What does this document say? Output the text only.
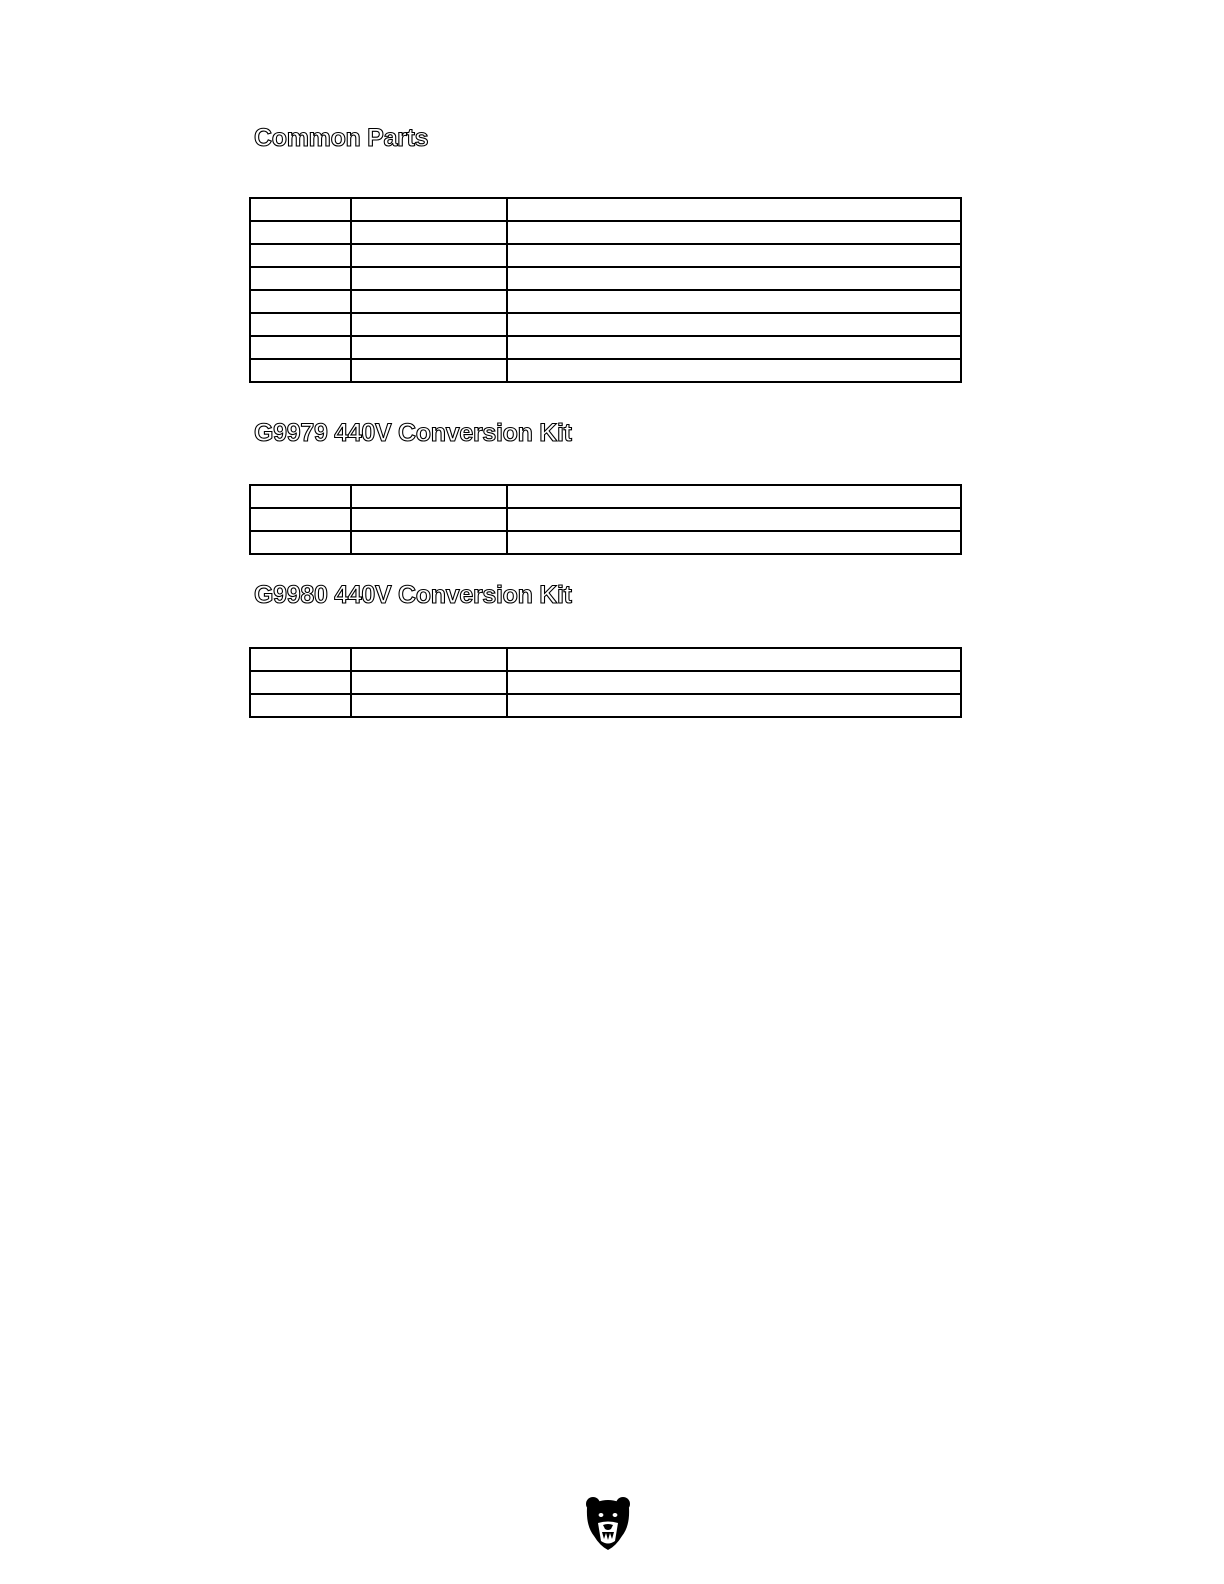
Common Parts

G9979 440V Conversion Kit

G9980 440V Conversion Kit
